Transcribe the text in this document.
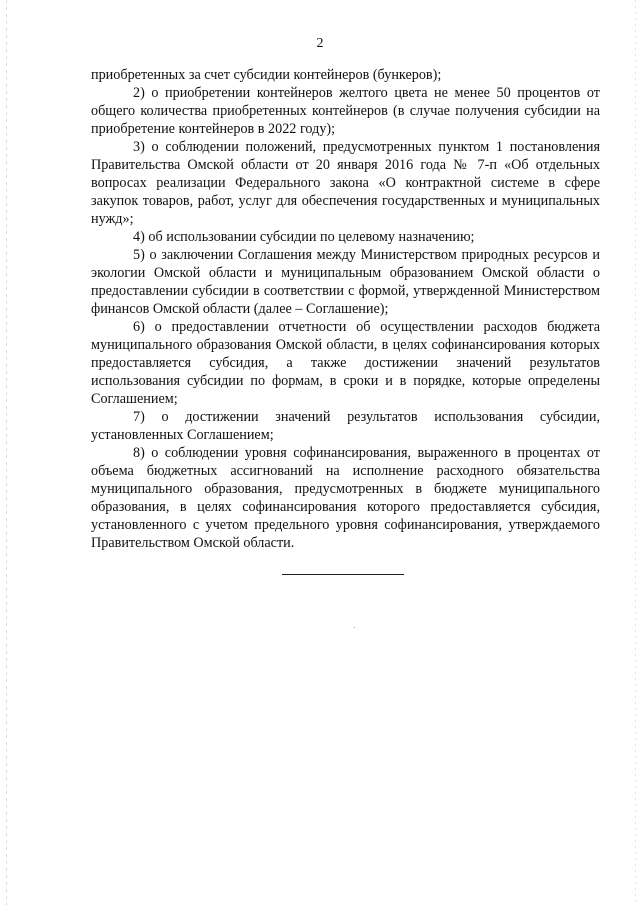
2

приобретенных за счет субсидии контейнеров (бункеров);

2) о приобретении контейнеров желтого цвета не менее 50 процентов от общего количества приобретенных контейнеров (в случае получения субсидии на приобретение контейнеров в 2022 году);

3) о соблюдении положений, предусмотренных пунктом 1 постановления Правительства Омской области от 20 января 2016 года № 7-п «Об отдельных вопросах реализации Федерального закона «О контрактной системе в сфере закупок товаров, работ, услуг для обеспечения государственных и муниципальных нужд»;

4) об использовании субсидии по целевому назначению;

5) о заключении Соглашения между Министерством природных ресурсов и экологии Омской области и муниципальным образованием Омской области о предоставлении субсидии в соответствии с формой, утвержденной Министерством финансов Омской области (далее – Соглашение);

6) о предоставлении отчетности об осуществлении расходов бюджета муниципального образования Омской области, в целях софинансирования которых предоставляется субсидия, а также достижении значений результатов использования субсидии по формам, в сроки и в порядке, которые определены Соглашением;

7) о достижении значений результатов использования субсидии, установленных Соглашением;

8) о соблюдении уровня софинансирования, выраженного в процентах от объема бюджетных ассигнований на исполнение расходного обязательства муниципального образования, предусмотренных в бюджете муниципального образования, в целях софинансирования которого предоставляется субсидия, установленного с учетом предельного уровня софинансирования, утверждаемого Правительством Омской области.
